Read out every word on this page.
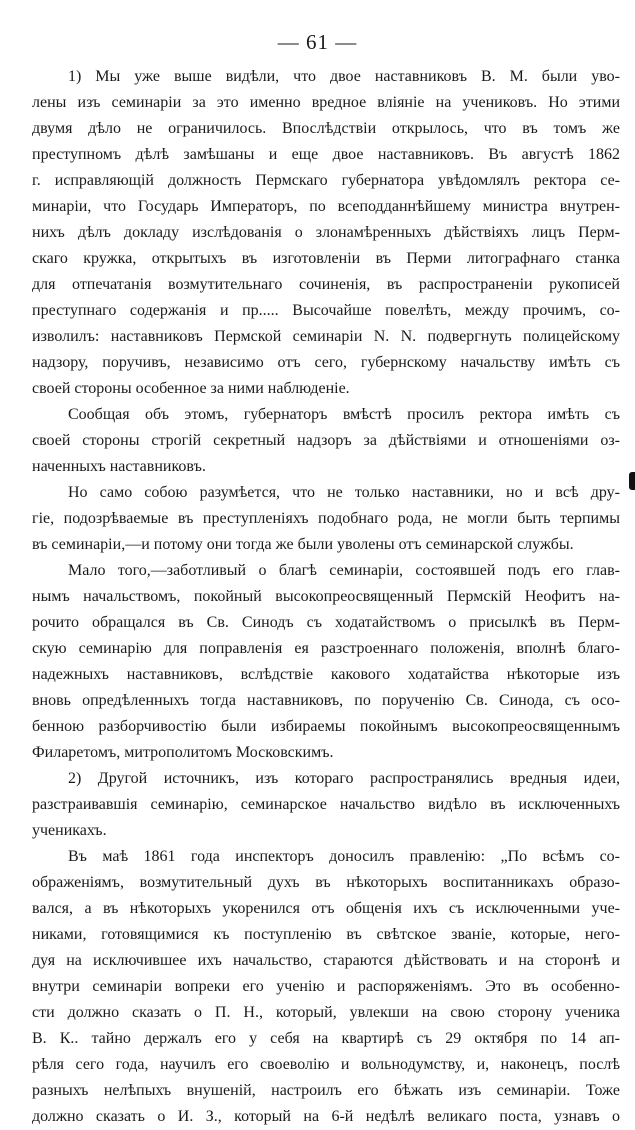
— 61 —
1) Мы уже выше видѣли, что двое наставниковъ В. М. были уво-
лены изъ семинаріи за это именно вредное вліяніе на учениковъ. Но этими
двумя дѣло не ограничилось. Впослѣдствіи открылось, что въ томъ же
преступномъ дѣлѣ замѣшаны и еще двое наставниковъ. Въ августѣ 1862
г. исправляющій должность Пермскаго губернатора увѣдомлялъ ректора се-
минаріи, что Государь Императоръ, по всеподданнѣйшему министра внутрен-
нихъ дѣлъ докладу изслѣдованія о злонамѣренныхъ дѣйствіяхъ лицъ Перм-
скаго кружка, открытыхъ въ изготовленіи въ Перми литографнаго станка
для отпечатанія возмутительнаго сочиненія, въ распространеніи рукописей
преступнаго содержанія и пр..... Высочайше повелѣть, между прочимъ, со-
изволилъ: наставниковъ Пермской семинаріи N. N. подвергнуть полицейскому
надзору, поручивъ, независимо отъ сего, губернскому начальству имѣть съ
своей стороны особенное за ними наблюденіе.
Сообщая объ этомъ, губернаторъ вмѣстѣ просилъ ректора имѣть съ
своей стороны строгій секретный надзоръ за дѣйствіями и отношеніями оз-
наченныхъ наставниковъ.
Но само собою разумѣется, что не только наставники, но и всѣ дру-
гіе, подозрѣваемые въ преступленіяхъ подобнаго рода, не могли быть терпимы
въ семинаріи,—и потому они тогда же были уволены отъ семинарской службы.
Мало того,—заботливый о благѣ семинаріи, состоявшей подъ его глав-
нымъ начальствомъ, покойный высокопреосвященный Пермскій Неофитъ на-
рочито обращался въ Св. Синодъ съ ходатайствомъ о присылкѣ въ Перм-
скую семинарію для поправленія ея разстроеннаго положенія, вполнѣ благо-
надежныхъ наставниковъ, вслѣдствіе какового ходатайства нѣкоторые изъ
вновь опредѣленныхъ тогда наставниковъ, по порученію Св. Синода, съ осо-
бенною разборчивостію были избираемы покойнымъ высокопреосвященнымъ
Филаретомъ, митрополитомъ Московскимъ.
2) Другой источникъ, изъ котораго распространялись вредныя идеи,
разстраивавшія семинарію, семинарское начальство видѣло въ исключенныхъ
ученикахъ.
Въ маѣ 1861 года инспекторъ доносилъ правленію: „По всѣмъ со-
ображеніямъ, возмутительный духъ въ нѣкоторыхъ воспитанникахъ образо-
вался, а въ нѣкоторыхъ укоренился отъ общенія ихъ съ исключенными уче-
никами, готовящимися къ поступленію въ свѣтское званіе, которые, него-
дуя на исключившее ихъ начальство, стараются дѣйствовать и на сторонѣ и
внутри семинаріи вопреки его ученію и распоряженіямъ. Это въ особенно-
сти должно сказать о П. Н., который, увлекши на свою сторону ученика
В. К.. тайно держалъ его у себя на квартирѣ съ 29 октября по 14 ап-
рѣля сего года, научилъ его своеволію и вольнодумству, и, наконецъ, послѣ
разныхъ нелѣпыхъ внушеній, настроилъ его бѣжать изъ семинаріи. Тоже
должно сказать о И. З., который на 6-й недѣлѣ великаго поста, узнавъ о
